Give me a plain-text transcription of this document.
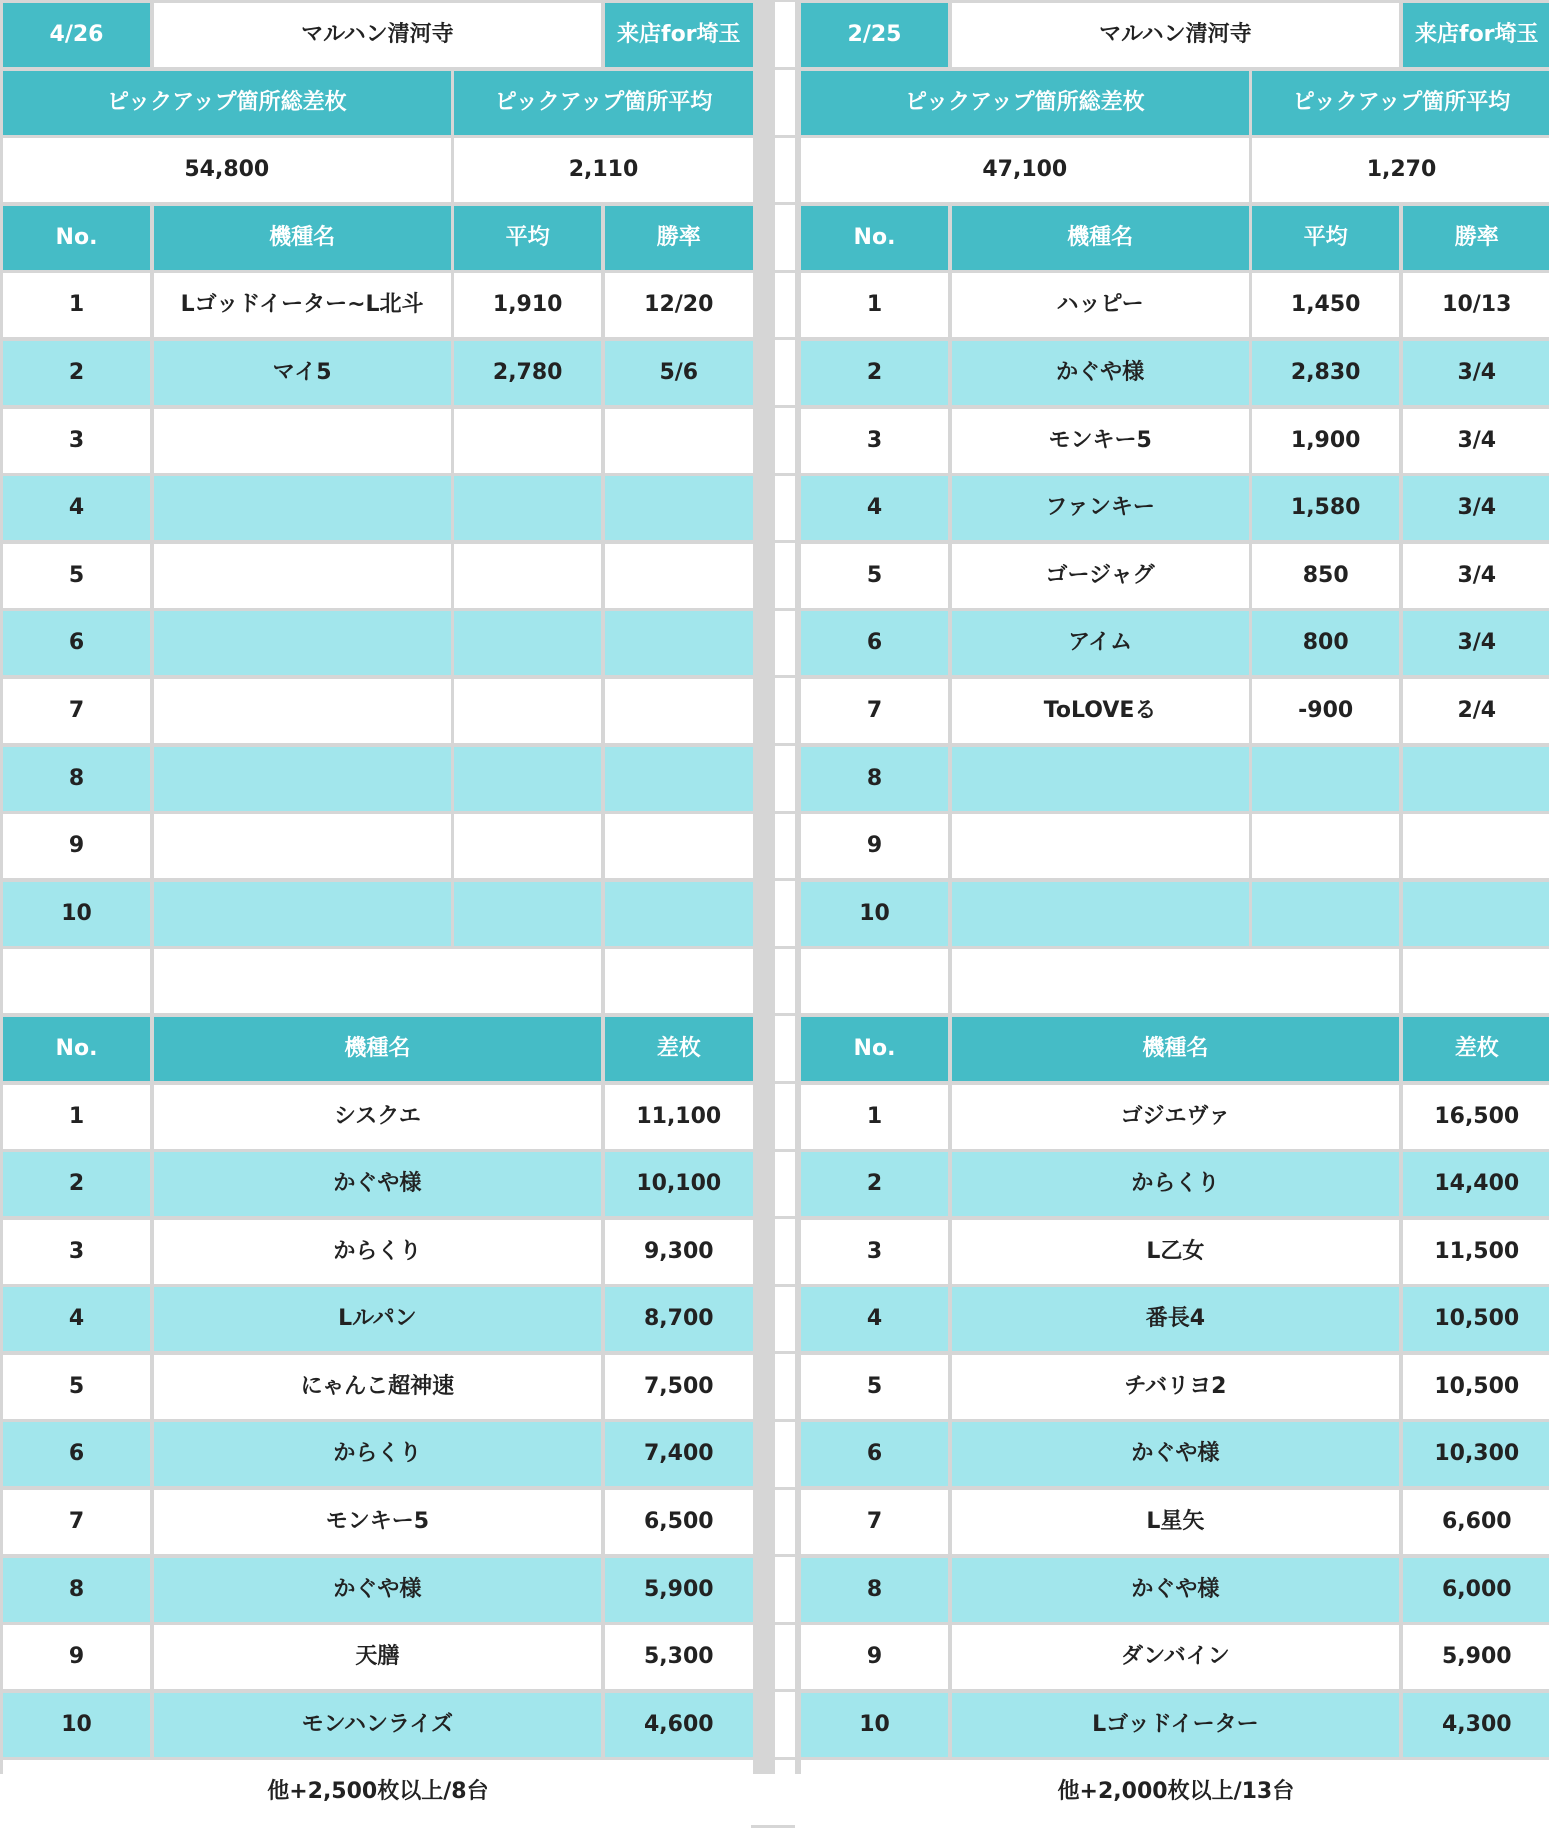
4/26	マルハン清河寺	来店for埼玉
ピックアップ箇所総差枚	ピックアップ箇所平均
54,800	2,110
No.	機種名	平均	勝率
1	Lゴッドイーター~L北斗	1,910	12/20
2	マイ5	2,780	5/6
3
4
5
6
7
8
9
10
No.	機種名	差枚
1	シスクエ	11,100
2	かぐや様	10,100
3	からくり	9,300
4	Lルパン	8,700
5	にゃんこ超神速	7,500
6	からくり	7,400
7	モンキー5	6,500
8	かぐや様	5,900
9	天膳	5,300
10	モンハンライズ	4,600
他+2,500枚以上/8台
2/25	マルハン清河寺	来店for埼玉
ピックアップ箇所総差枚	ピックアップ箇所平均
47,100	1,270
No.	機種名	平均	勝率
1	ハッピー	1,450	10/13
2	かぐや様	2,830	3/4
3	モンキー5	1,900	3/4
4	ファンキー	1,580	3/4
5	ゴージャグ	850	3/4
6	アイム	800	3/4
7	ToLOVEる	-900	2/4
8
9
10
No.	機種名	差枚
1	ゴジエヴァ	16,500
2	からくり	14,400
3	L乙女	11,500
4	番長4	10,500
5	チバリヨ2	10,500
6	かぐや様	10,300
7	L星矢	6,600
8	かぐや様	6,000
9	ダンバイン	5,900
10	Lゴッドイーター	4,300
他+2,000枚以上/13台
